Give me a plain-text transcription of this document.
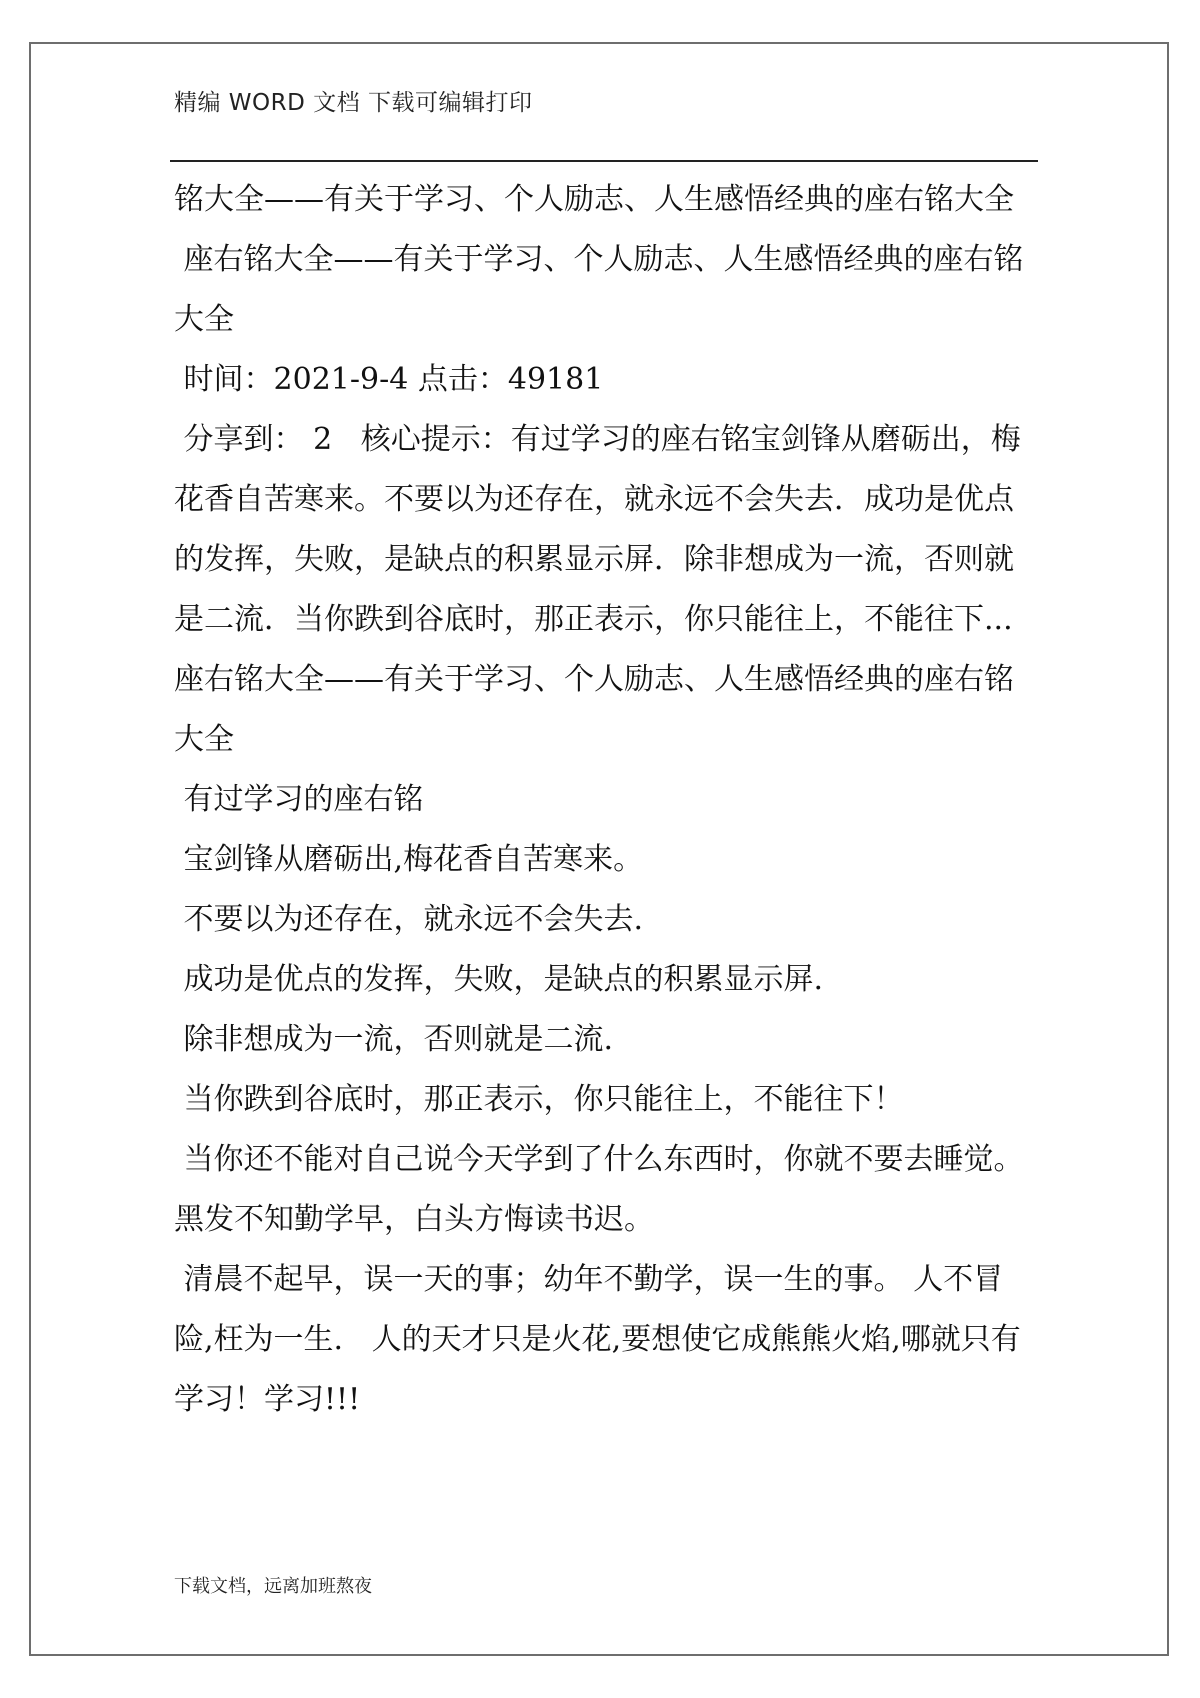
精编 WORD 文档 下载可编辑打印

铭大全——有关于学习、个人励志、人生感悟经典的座右铭大全

座右铭大全——有关于学习、个人励志、人生感悟经典的座右铭大全

时间：2021-9-4 点击：49181

分享到： 2   核心提示：有过学习的座右铭宝剑锋从磨砺出，梅花香自苦寒来。不要以为还存在，就永远不会失去．成功是优点的发挥，失败，是缺点的积累显示屏．除非想成为一流，否则就是二流．当你跌到谷底时，那正表示，你只能往上，不能往下...  座右铭大全——有关于学习、个人励志、人生感悟经典的座右铭大全

有过学习的座右铭

宝剑锋从磨砺出,梅花香自苦寒来。

不要以为还存在，就永远不会失去.

成功是优点的发挥，失败，是缺点的积累显示屏.

除非想成为一流，否则就是二流.

当你跌到谷底时，那正表示，你只能往上，不能往下！

当你还不能对自己说今天学到了什么东西时，你就不要去睡觉。   黑发不知勤学早，白头方悔读书迟。

清晨不起早，误一天的事；幼年不勤学，误一生的事。 人不冒险,枉为一生.   人的天才只是火花,要想使它成熊熊火焰,哪就只有学习！学习!!!

下载文档，远离加班熬夜
